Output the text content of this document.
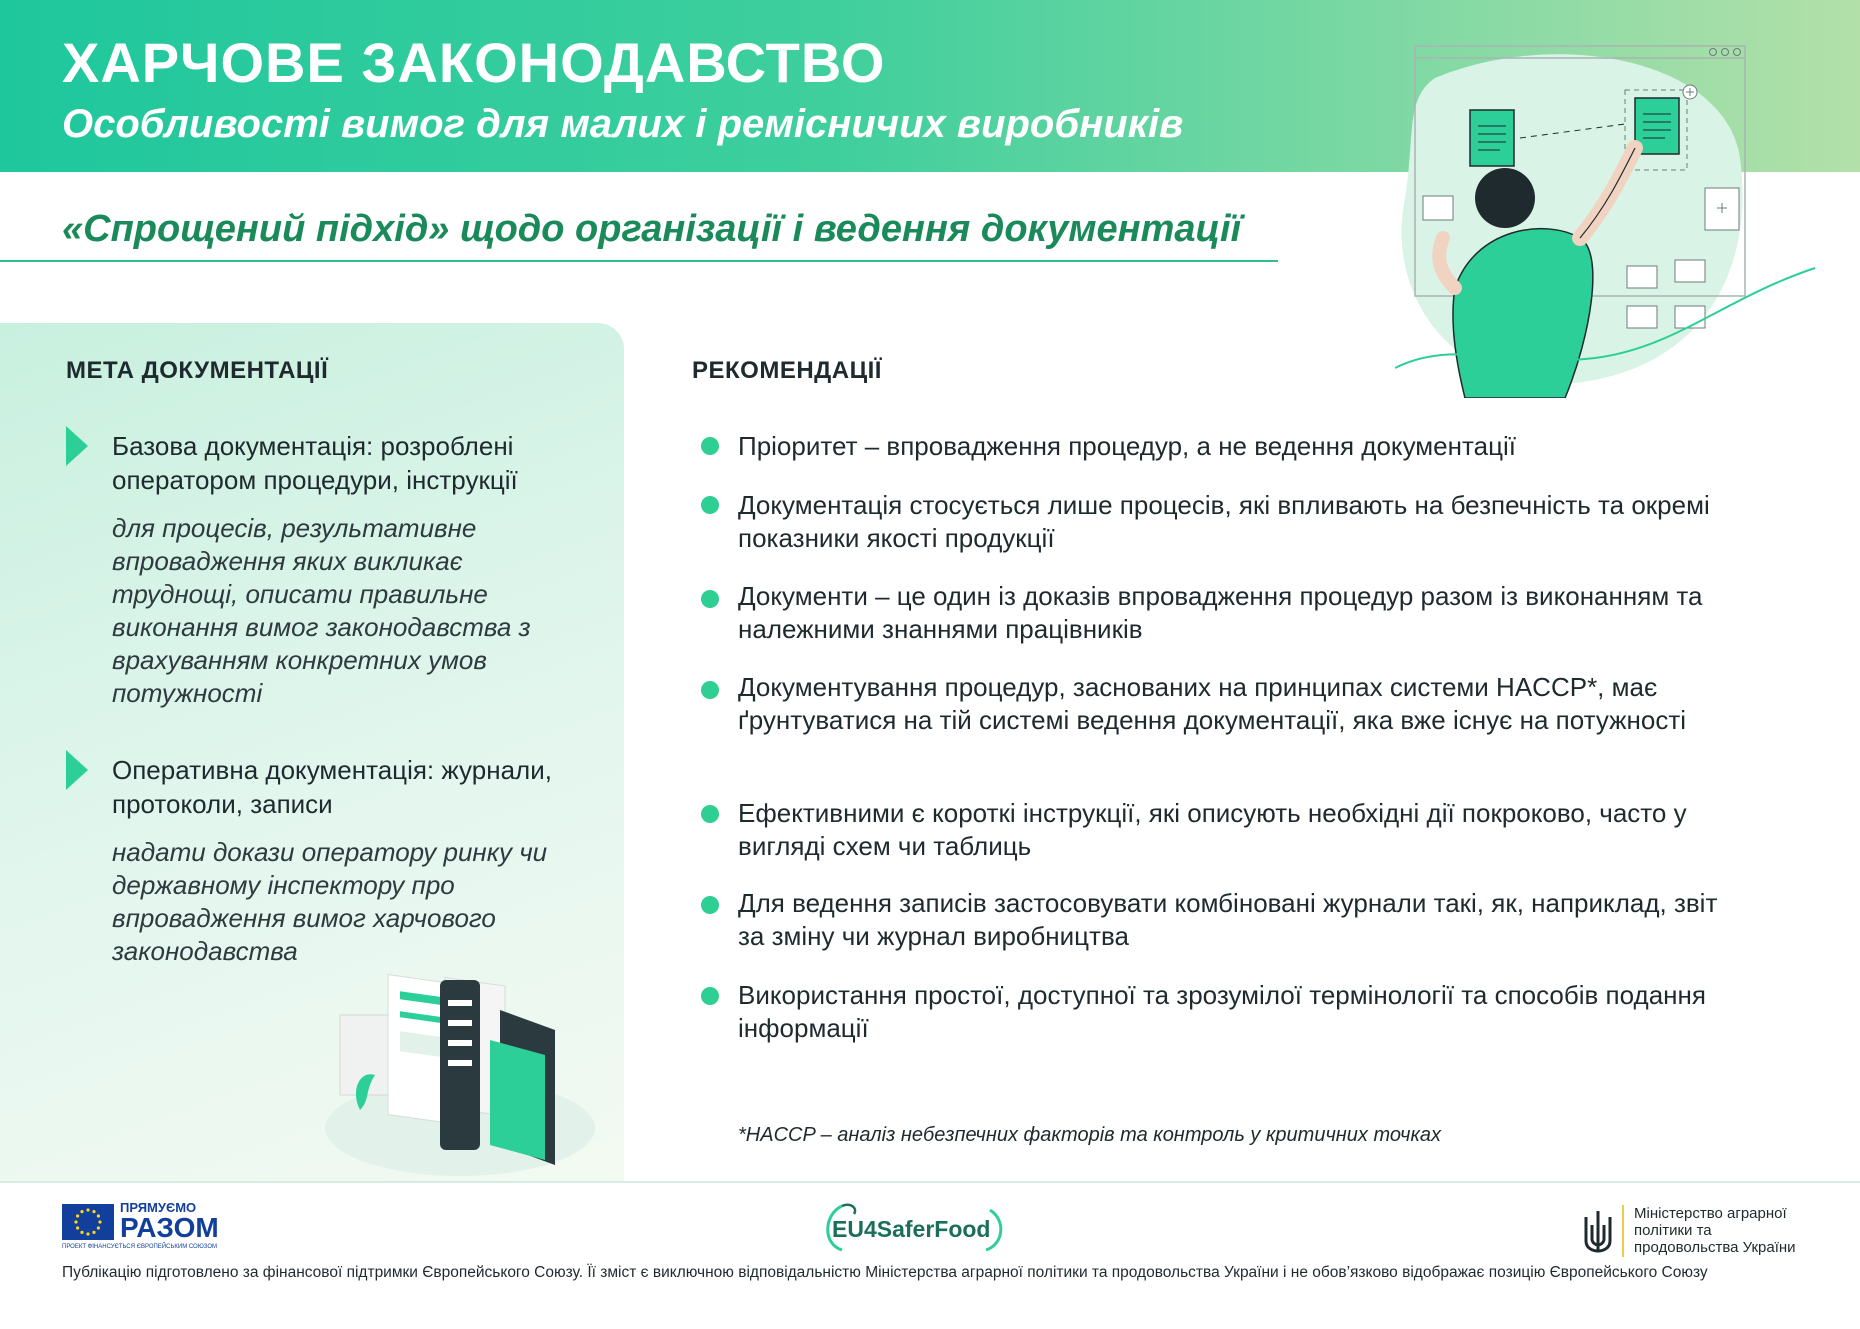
ХАРЧОВЕ ЗАКОНОДАВСТВО
Особливості вимог для малих і ремісничих виробників
«Спрощений підхід» щодо організації і ведення документації
МЕТА ДОКУМЕНТАЦІЇ
Базова документація: розроблені оператором процедури, інструкції
для процесів, результативне впровадження яких викликає труднощі, описати правильне виконання вимог законодавства з врахуванням конкретних умов потужності
Оперативна документація: журнали, протоколи, записи
надати докази оператору ринку чи державному інспектору про впровадження вимог харчового законодавства
РЕКОМЕНДАЦІЇ
Пріоритет – впровадження процедур, а не ведення документації
Документація стосується лише процесів, які впливають на безпечність та окремі показники якості продукції
Документи – це один із доказів впровадження процедур разом із виконанням та належними знаннями працівників
Документування процедур, заснованих на принципах системи HACCP*, має ґрунтуватися на тій системі ведення документації, яка вже існує на потужності
Ефективними є короткі інструкції, які описують необхідні дії покроково, часто у вигляді схем чи таблиць
Для ведення записів застосовувати комбіновані журнали такі, як, наприклад, звіт за зміну чи журнал виробництва
Використання простої, доступної та зрозумілої термінології та способів подання інформації
*HACCP – аналіз небезпечних факторів та контроль у критичних точках
ПРЯМУЄМО
РАЗОМ
ПРОЕКТ ФІНАНСУЄТЬСЯ ЄВРОПЕЙСЬКИМ СОЮЗОМ
EU4SaferFood
Міністерство аграрної політики та продовольства України
Публікацію підготовлено за фінансової підтримки Європейського Союзу. Її зміст є виключною відповідальністю Міністерства аграрної політики та продовольства України і не обов’язково відображає позицію Європейського Союзу
